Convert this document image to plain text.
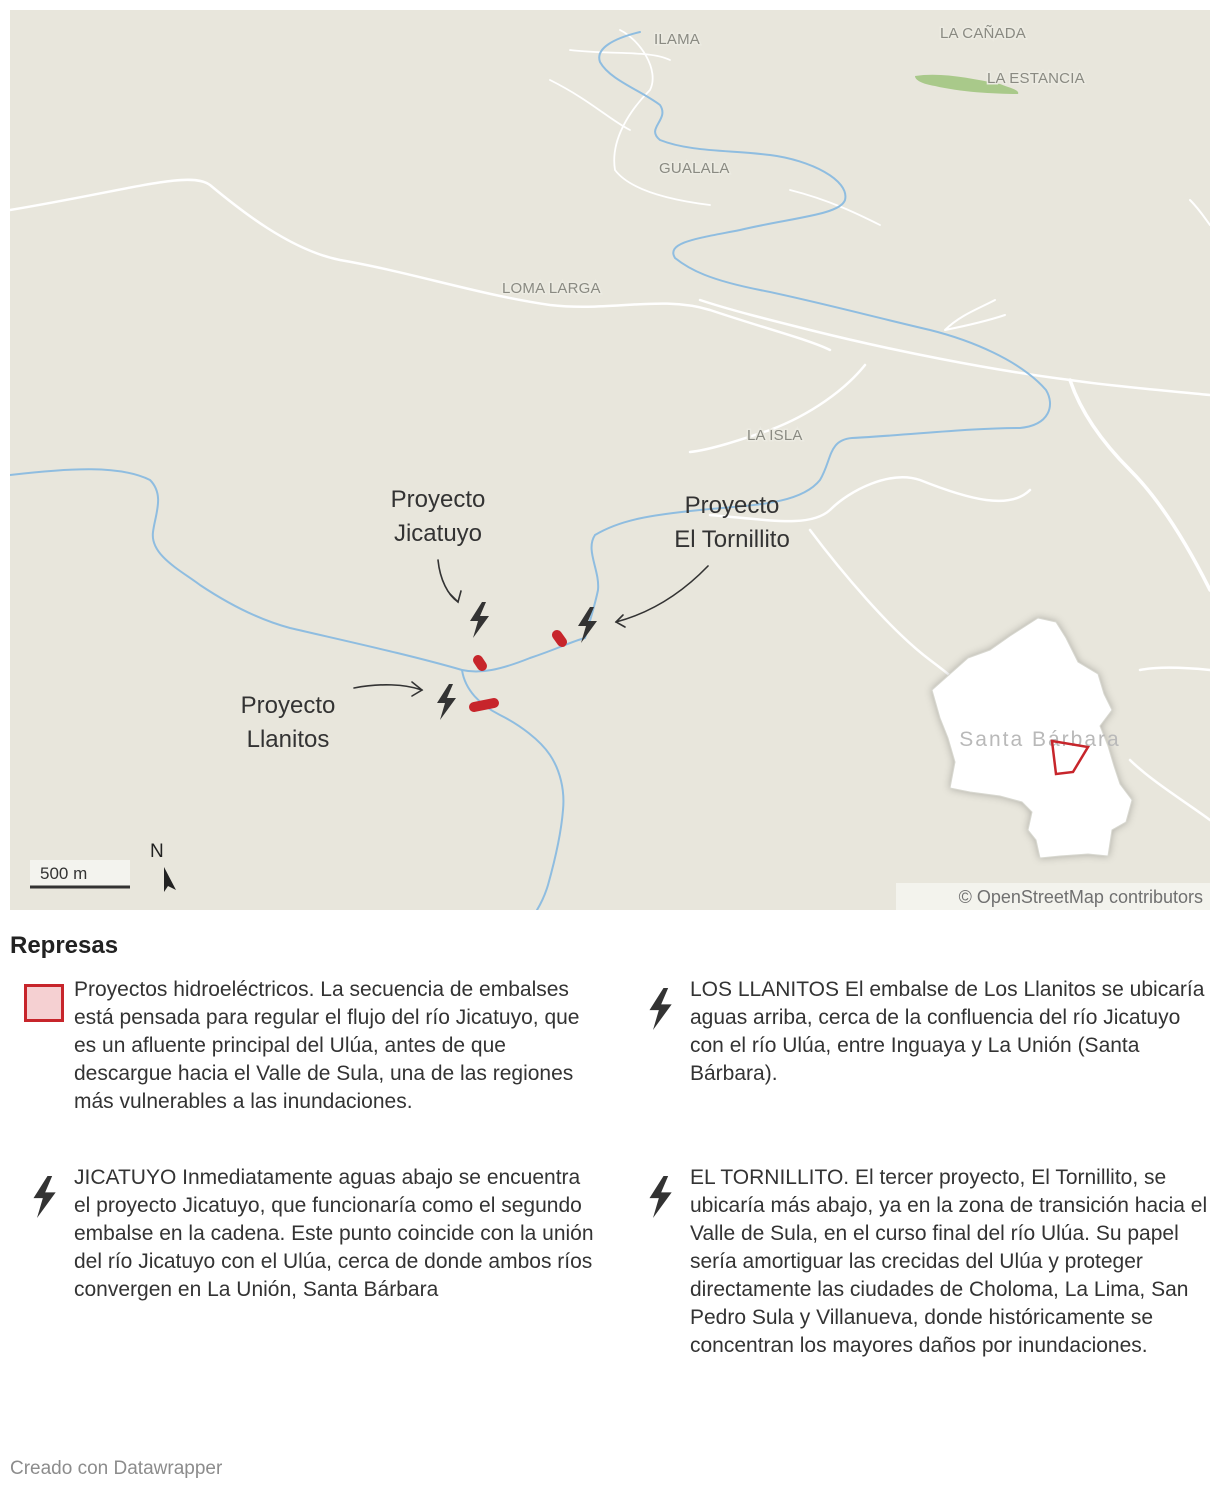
ILAMA	LA CAÑADA
LA ESTANCIA
GUALALA
LOMA LARGA
LA ISLA
Proyecto
Jicatuyo
Proyecto
El Tornillito
Proyecto
Llanitos	Santa Bárbara
500 m
N
© OpenStreetMap contributors
Represas
Proyectos hidroeléctricos. La secuencia de embalses está pensada para regular el flujo del río Jicatuyo, que es un afluente principal del Ulúa, antes de que descargue hacia el Valle de Sula, una de las regiones más vulnerables a las inundaciones.
LOS LLANITOS El embalse de Los Llanitos se ubicaría aguas arriba, cerca de la confluencia del río Jicatuyo con el río Ulúa, entre Inguaya y La Unión (Santa Bárbara).
JICATUYO Inmediatamente aguas abajo se encuentra el proyecto Jicatuyo, que funcionaría como el segundo embalse en la cadena. Este punto coincide con la unión del río Jicatuyo con el Ulúa, cerca de donde ambos ríos convergen en La Unión, Santa Bárbara
EL TORNILLITO. El tercer proyecto, El Tornillito, se ubicaría más abajo, ya en la zona de transición hacia el Valle de Sula, en el curso final del río Ulúa. Su papel sería amortiguar las crecidas del Ulúa y proteger directamente las ciudades de Choloma, La Lima, San Pedro Sula y Villanueva, donde históricamente se concentran los mayores daños por inundaciones.
Creado con Datawrapper
